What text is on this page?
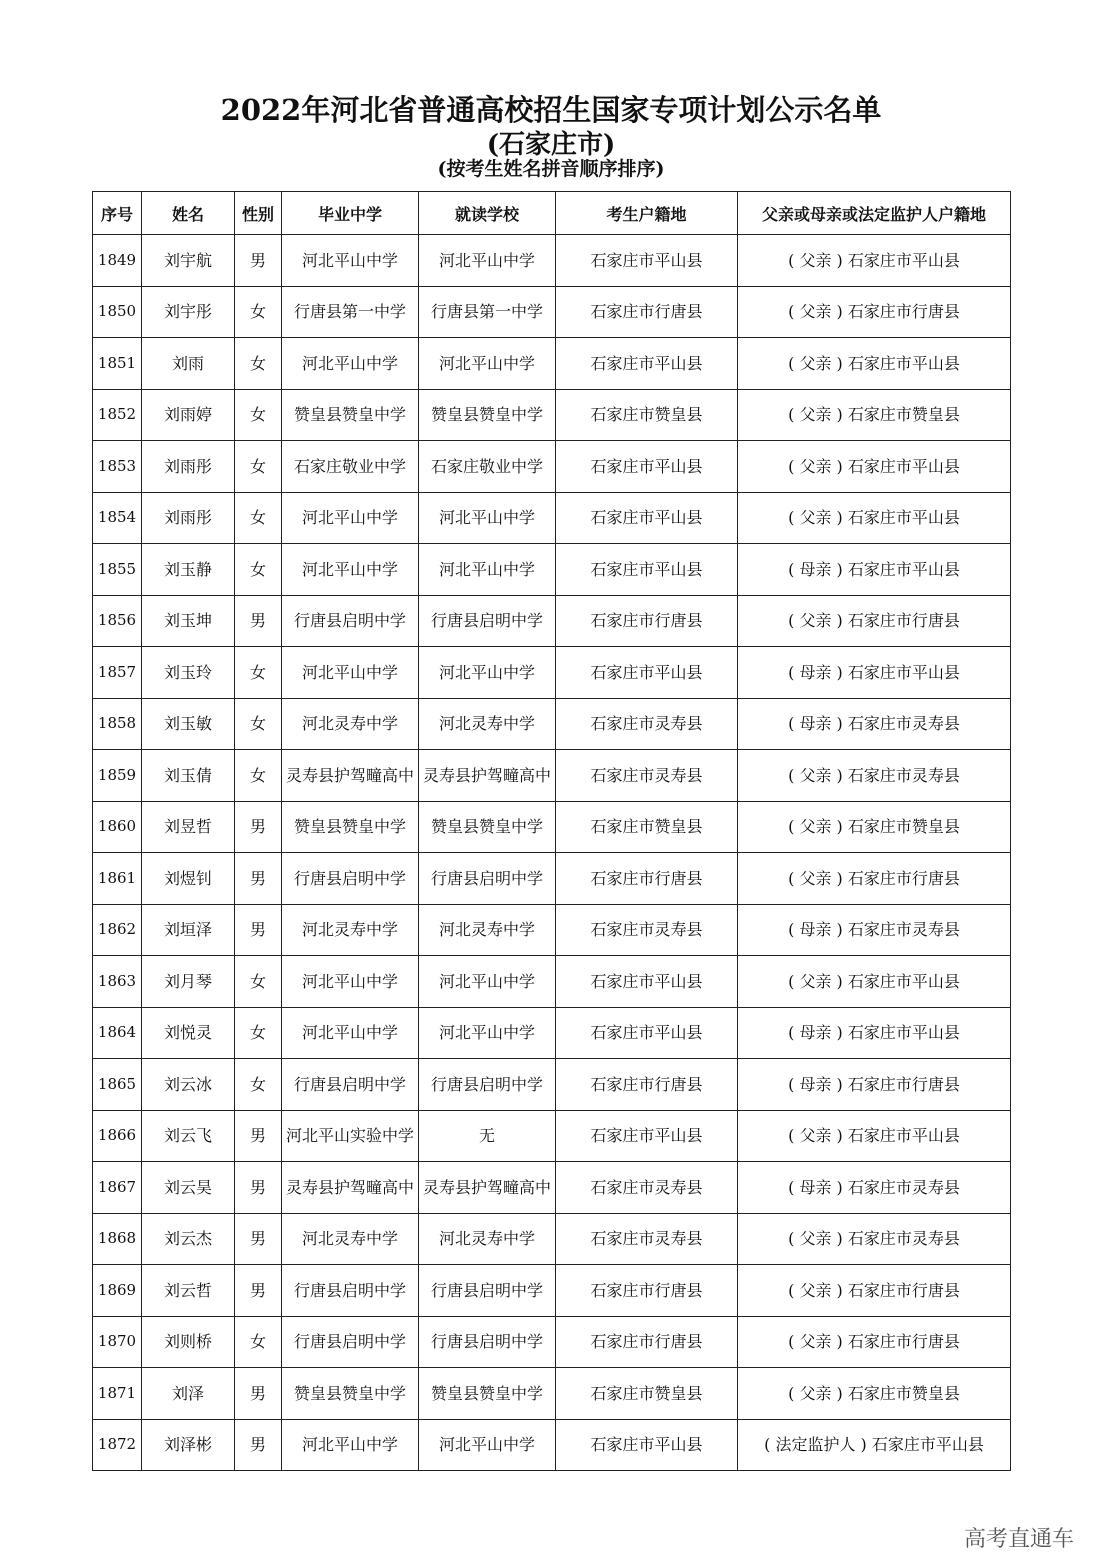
2022年河北省普通高校招生国家专项计划公示名单
(石家庄市)
(按考生姓名拼音顺序排序)
序号	姓名	性别	毕业中学	就读学校	考生户籍地	父亲或母亲或法定监护人户籍地
1849	刘宇航	男	河北平山中学	河北平山中学	石家庄市平山县	( 父亲 ) 石家庄市平山县
1850	刘宇彤	女	行唐县第一中学	行唐县第一中学	石家庄市行唐县	( 父亲 ) 石家庄市行唐县
1851	刘雨	女	河北平山中学	河北平山中学	石家庄市平山县	( 父亲 ) 石家庄市平山县
1852	刘雨婷	女	赞皇县赞皇中学	赞皇县赞皇中学	石家庄市赞皇县	( 父亲 ) 石家庄市赞皇县
1853	刘雨彤	女	石家庄敬业中学	石家庄敬业中学	石家庄市平山县	( 父亲 ) 石家庄市平山县
1854	刘雨彤	女	河北平山中学	河北平山中学	石家庄市平山县	( 父亲 ) 石家庄市平山县
1855	刘玉静	女	河北平山中学	河北平山中学	石家庄市平山县	( 母亲 ) 石家庄市平山县
1856	刘玉坤	男	行唐县启明中学	行唐县启明中学	石家庄市行唐县	( 父亲 ) 石家庄市行唐县
1857	刘玉玲	女	河北平山中学	河北平山中学	石家庄市平山县	( 母亲 ) 石家庄市平山县
1858	刘玉敏	女	河北灵寿中学	河北灵寿中学	石家庄市灵寿县	( 母亲 ) 石家庄市灵寿县
1859	刘玉倩	女	灵寿县护驾疃高中	灵寿县护驾疃高中	石家庄市灵寿县	( 父亲 ) 石家庄市灵寿县
1860	刘昱哲	男	赞皇县赞皇中学	赞皇县赞皇中学	石家庄市赞皇县	( 父亲 ) 石家庄市赞皇县
1861	刘煜钊	男	行唐县启明中学	行唐县启明中学	石家庄市行唐县	( 父亲 ) 石家庄市行唐县
1862	刘垣泽	男	河北灵寿中学	河北灵寿中学	石家庄市灵寿县	( 母亲 ) 石家庄市灵寿县
1863	刘月琴	女	河北平山中学	河北平山中学	石家庄市平山县	( 父亲 ) 石家庄市平山县
1864	刘悦灵	女	河北平山中学	河北平山中学	石家庄市平山县	( 母亲 ) 石家庄市平山县
1865	刘云冰	女	行唐县启明中学	行唐县启明中学	石家庄市行唐县	( 母亲 ) 石家庄市行唐县
1866	刘云飞	男	河北平山实验中学	无	石家庄市平山县	( 父亲 ) 石家庄市平山县
1867	刘云昊	男	灵寿县护驾疃高中	灵寿县护驾疃高中	石家庄市灵寿县	( 母亲 ) 石家庄市灵寿县
1868	刘云杰	男	河北灵寿中学	河北灵寿中学	石家庄市灵寿县	( 父亲 ) 石家庄市灵寿县
1869	刘云哲	男	行唐县启明中学	行唐县启明中学	石家庄市行唐县	( 父亲 ) 石家庄市行唐县
1870	刘则桥	女	行唐县启明中学	行唐县启明中学	石家庄市行唐县	( 父亲 ) 石家庄市行唐县
1871	刘泽	男	赞皇县赞皇中学	赞皇县赞皇中学	石家庄市赞皇县	( 父亲 ) 石家庄市赞皇县
1872	刘泽彬	男	河北平山中学	河北平山中学	石家庄市平山县	( 法定监护人 ) 石家庄市平山县
高考直通车
